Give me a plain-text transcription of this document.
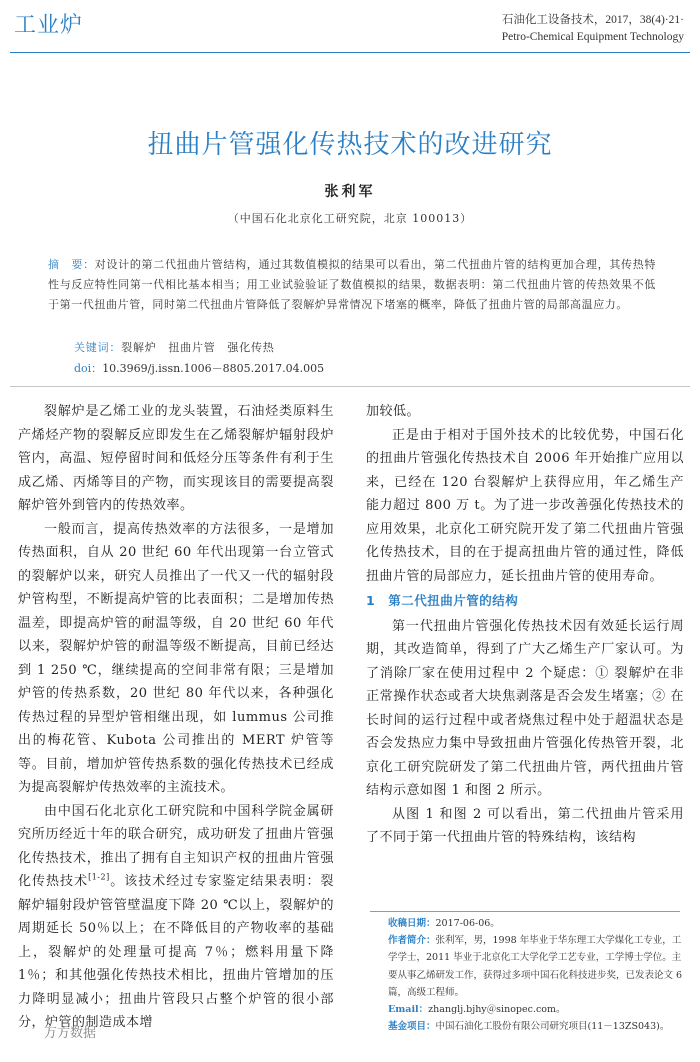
工业炉	石油化工设备技术，2017，38(4)·21·
Petro-Chemical Equipment Technology
扭曲片管强化传热技术的改进研究
张利军
（中国石化北京化工研究院，北京 100013）
摘　要：对设计的第二代扭曲片管结构，通过其数值模拟的结果可以看出，第二代扭曲片管的结构更加合理，其传热特性与反应特性同第一代相比基本相当；用工业试验验证了数值模拟的结果，数据表明：第二代扭曲片管的传热效果不低于第一代扭曲片管，同时第二代扭曲片管降低了裂解炉异常情况下堵塞的概率，降低了扭曲片管的局部高温应力。
关键词：裂解炉　扭曲片管　强化传热
doi：10.3969/j.issn.1006－8805.2017.04.005

裂解炉是乙烯工业的龙头装置，石油烃类原料生产烯烃产物的裂解反应即发生在乙烯裂解炉辐射段炉管内，高温、短停留时间和低烃分压等条件有利于生成乙烯、丙烯等目的产物，而实现该目的需要提高裂解炉管外到管内的传热效率。

一般而言，提高传热效率的方法很多，一是增加传热面积，自从 20 世纪 60 年代出现第一台立管式的裂解炉以来，研究人员推出了一代又一代的辐射段炉管构型，不断提高炉管的比表面积；二是增加传热温差，即提高炉管的耐温等级，自 20 世纪 60 年代以来，裂解炉炉管的耐温等级不断提高，目前已经达到 1 250 ℃，继续提高的空间非常有限；三是增加炉管的传热系数，20 世纪 80 年代以来，各种强化传热过程的异型炉管相继出现，如 lummus 公司推出的梅花管、Kubota 公司推出的 MERT 炉管等等。目前，增加炉管传热系数的强化传热技术已经成为提高裂解炉传热效率的主流技术。

由中国石化北京化工研究院和中国科学院金属研究所历经近十年的联合研究，成功研发了扭曲片管强化传热技术，推出了拥有自主知识产权的扭曲片管强化传热技术[1-2]。该技术经过专家鉴定结果表明：裂解炉辐射段炉管管壁温度下降 20 ℃以上，裂解炉的周期延长 50％以上；在不降低目的产物收率的基础上，裂解炉的处理量可提高 7％；燃料用量下降 1％；和其他强化传热技术相比，扭曲片管增加的压力降明显减小；扭曲片管段只占整个炉管的很小部分，炉管的制造成本增

加较低。

正是由于相对于国外技术的比较优势，中国石化的扭曲片管强化传热技术自 2006 年开始推广应用以来，已经在 120 台裂解炉上获得应用，年乙烯生产能力超过 800 万 t。为了进一步改善强化传热技术的应用效果，北京化工研究院开发了第二代扭曲片管强化传热技术，目的在于提高扭曲片管的通过性，降低扭曲片管的局部应力，延长扭曲片管的使用寿命。

1　第二代扭曲片管的结构

第一代扭曲片管强化传热技术因有效延长运行周期，其改造简单，得到了广大乙烯生产厂家认可。为了消除厂家在使用过程中 2 个疑虑：① 裂解炉在非正常操作状态或者大块焦剥落是否会发生堵塞；② 在长时间的运行过程中或者烧焦过程中处于超温状态是否会发热应力集中导致扭曲片管强化传热管开裂，北京化工研究院研发了第二代扭曲片管，两代扭曲片管结构示意如图 1 和图 2 所示。

从图 1 和图 2 可以看出，第二代扭曲片管采用了不同于第一代扭曲片管的特殊结构，该结构

收稿日期：2017-06-06。

作者简介：张利军，男，1998 年毕业于华东理工大学煤化工专业，工学学士，2011 毕业于北京化工大学化学工艺专业，工学博士学位。主要从事乙烯研发工作，获得过多项中国石化科技进步奖，已发表论文 6 篇，高级工程师。

Email：zhanglj.bjhy＠sinopec.com。

基金项目：中国石油化工股份有限公司研究项目(11－13ZS043)。

万方数据
